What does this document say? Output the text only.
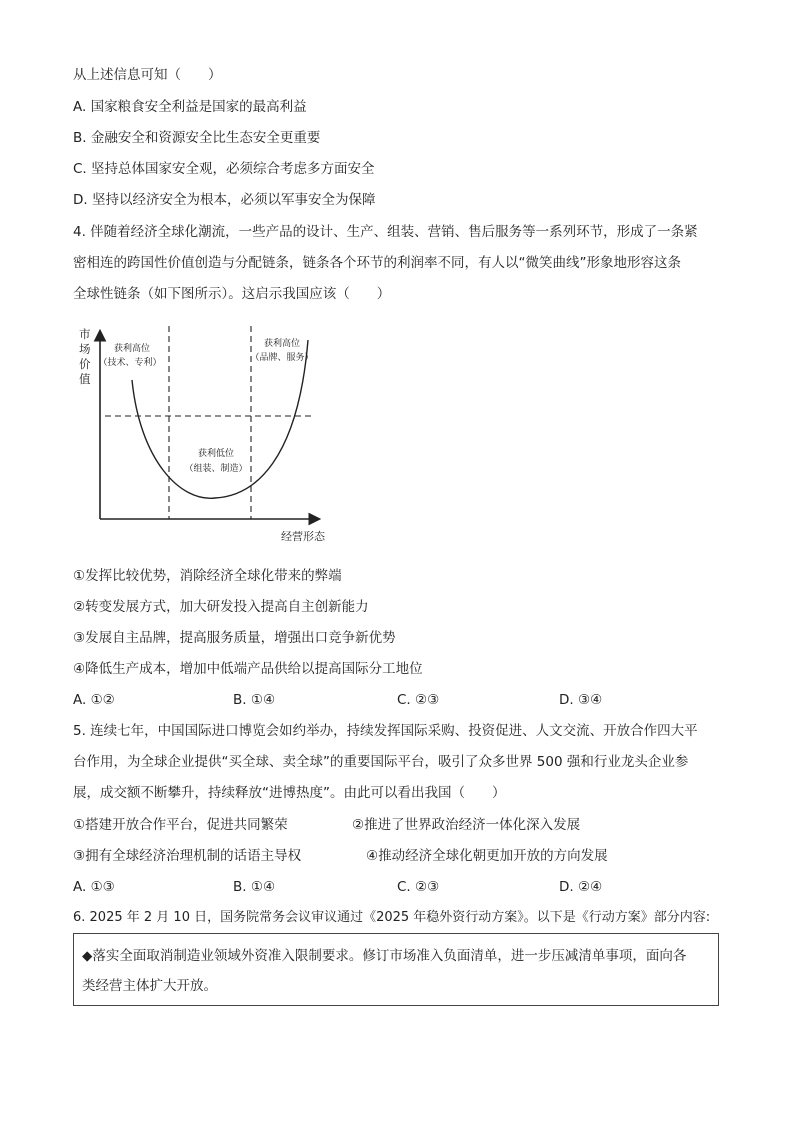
从上述信息可知（　　）
A. 国家粮食安全利益是国家的最高利益
B. 金融安全和资源安全比生态安全更重要
C. 坚持总体国家安全观，必须综合考虑多方面安全
D. 坚持以经济安全为根本，必须以军事安全为保障
4. 伴随着经济全球化潮流，一些产品的设计、生产、组装、营销、售后服务等一系列环节，形成了一条紧
密相连的跨国性价值创造与分配链条，链条各个环节的利润率不同，有人以“微笑曲线”形象地形容这条
全球性链条（如下图所示）。这启示我国应该（　　）
市
场
价
值
获利高位
（技术、专利）
获利高位
（品牌、服务）
获利低位
（组装、制造）
经营形态
①发挥比较优势，消除经济全球化带来的弊端
②转变发展方式，加大研发投入提高自主创新能力
③发展自主品牌，提高服务质量，增强出口竞争新优势
④降低生产成本，增加中低端产品供给以提高国际分工地位
A. ①②	B. ①④	C. ②③	D. ③④
5. 连续七年，中国国际进口博览会如约举办，持续发挥国际采购、投资促进、人文交流、开放合作四大平
台作用，为全球企业提供“买全球、卖全球”的重要国际平台，吸引了众多世界 500 强和行业龙头企业参
展，成交额不断攀升，持续释放“进博热度”。由此可以看出我国（　　）
①搭建开放合作平台，促进共同繁荣	②推进了世界政治经济一体化深入发展
③拥有全球经济治理机制的话语主导权	④推动经济全球化朝更加开放的方向发展
A. ①③	B. ①④	C. ②③	D. ②④
6. 2025 年 2 月 10 日，国务院常务会议审议通过《2025 年稳外资行动方案》。以下是《行动方案》部分内容:
◆落实全面取消制造业领域外资准入限制要求。修订市场准入负面清单，进一步压减清单事项，面向各
类经营主体扩大开放。
